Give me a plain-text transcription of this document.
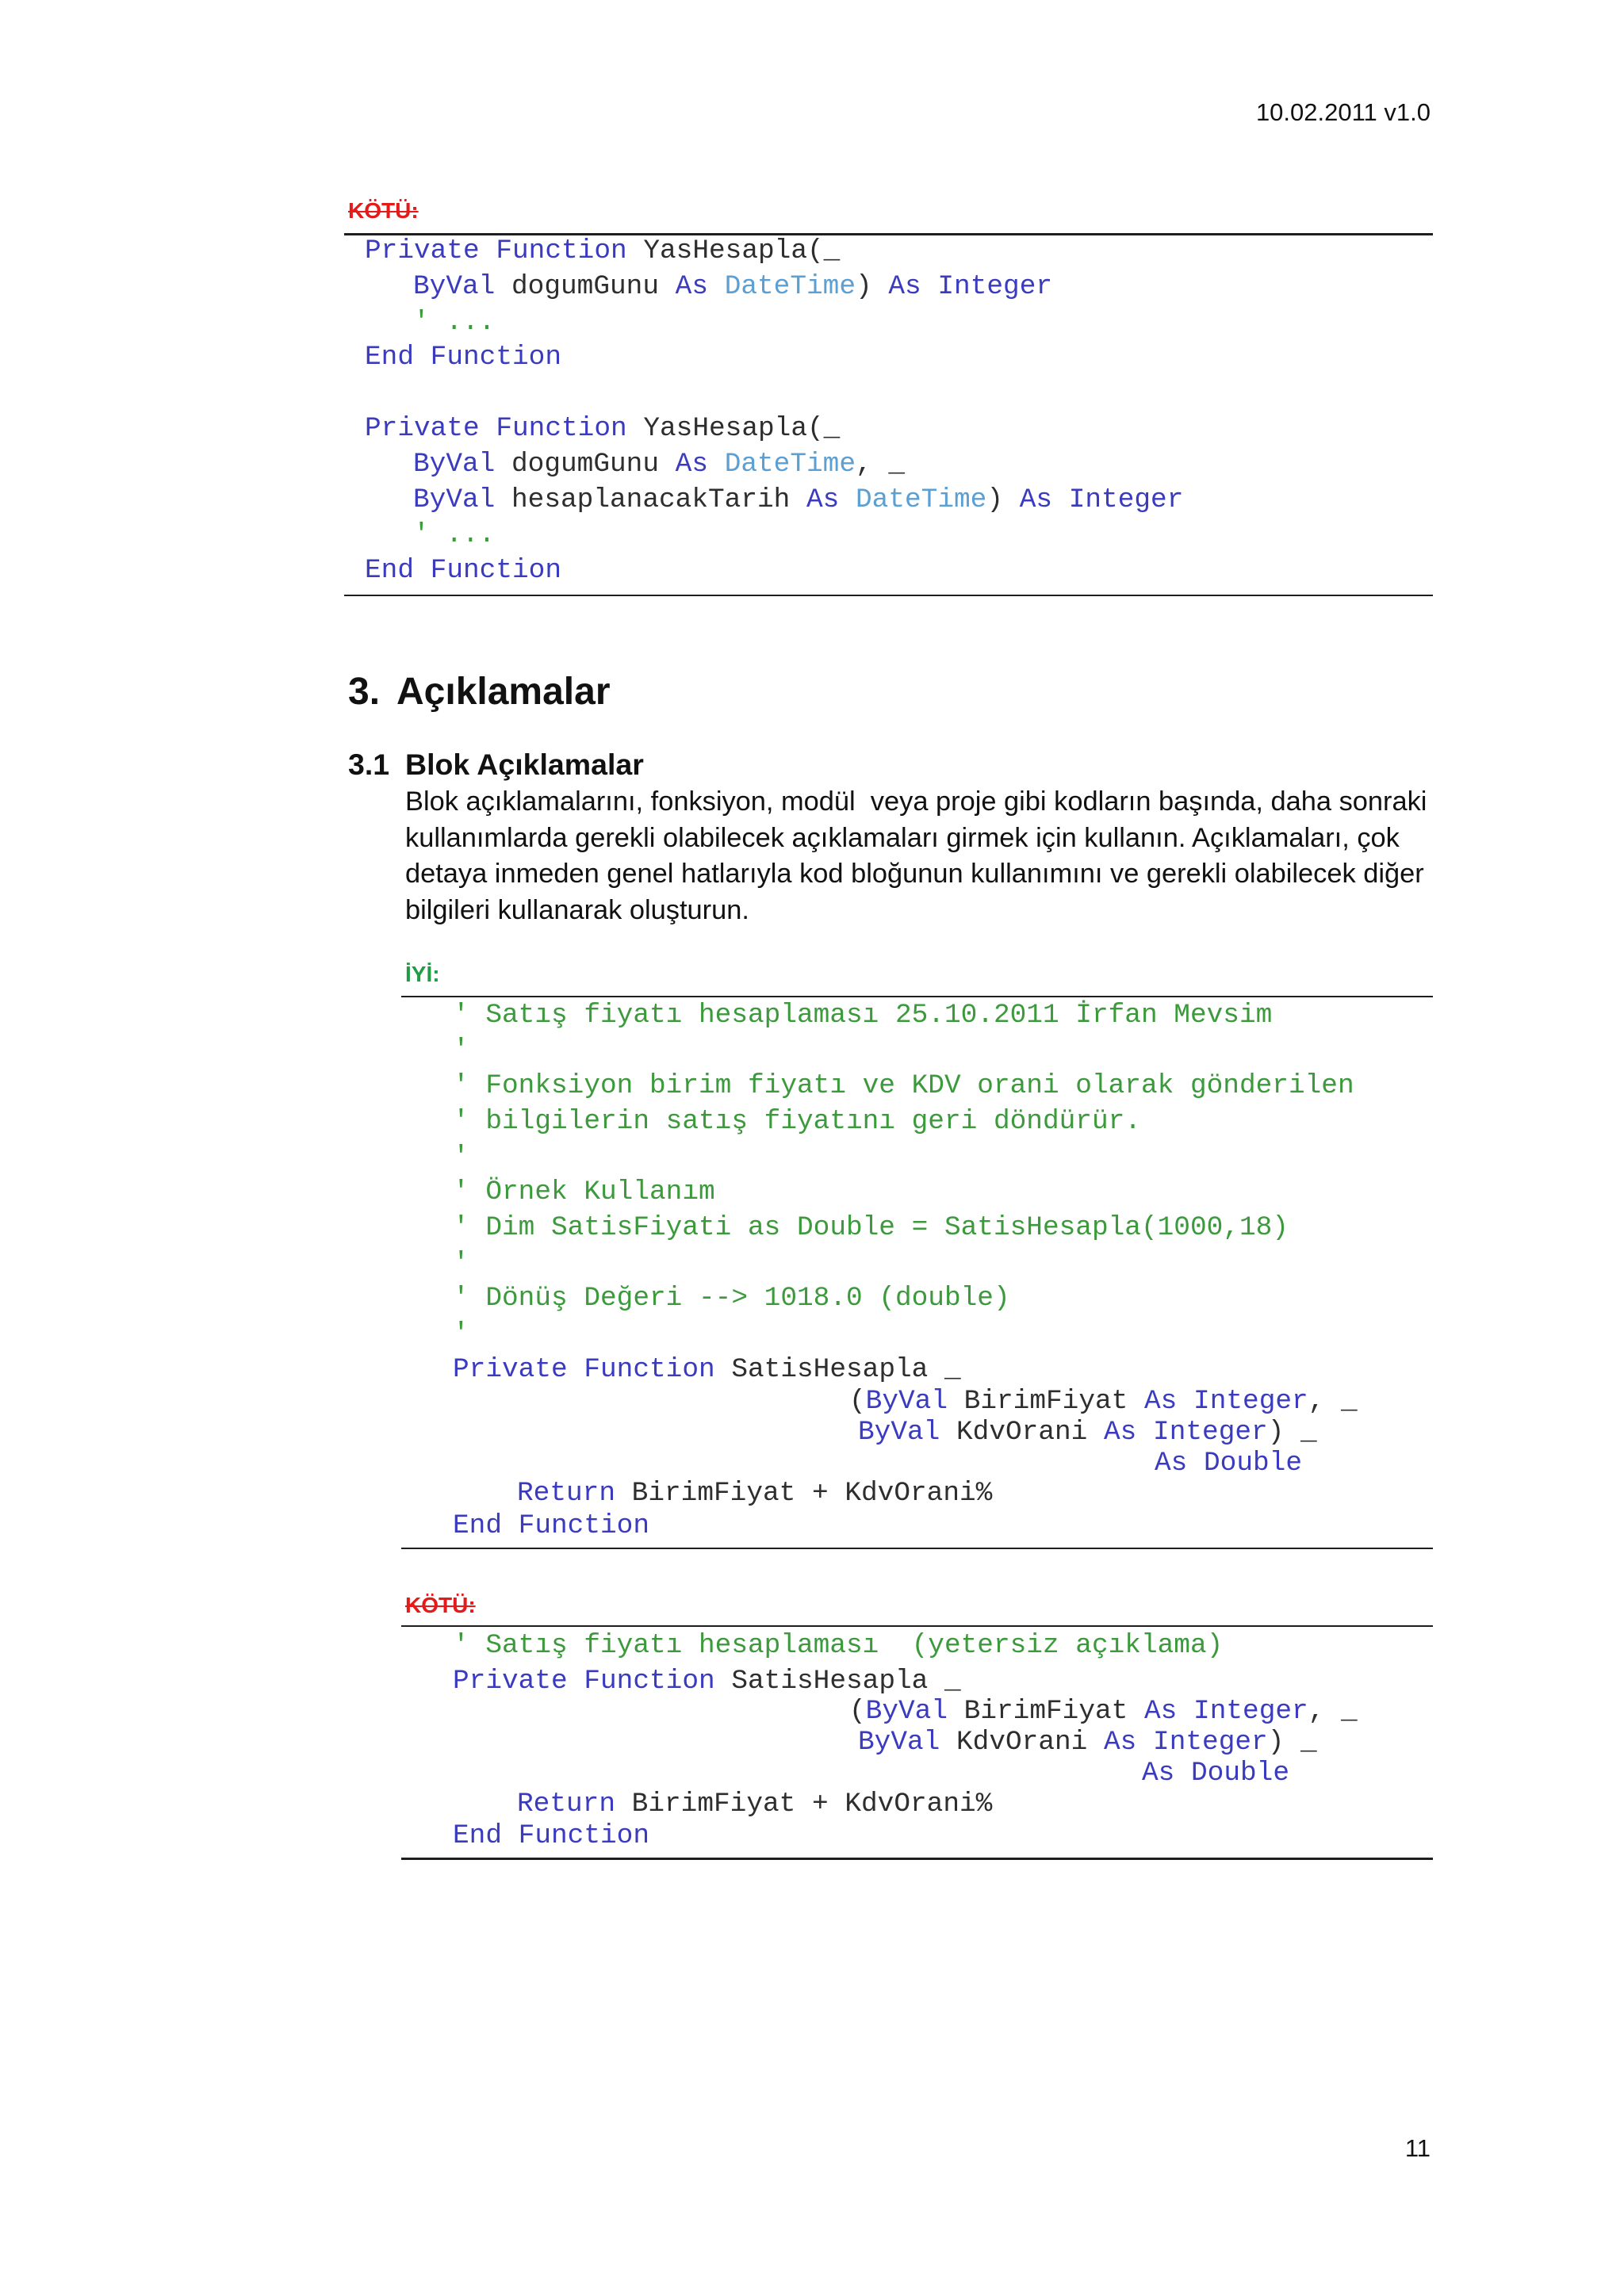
10.02.2011 v1.0
KÖTÜ:
Private Function YasHesapla(_
ByVal dogumGunu As DateTime) As Integer
' ...
End Function
Private Function YasHesapla(_
ByVal dogumGunu As DateTime, _
ByVal hesaplanacakTarih As DateTime) As Integer
' ...
End Function
3. Açıklamalar
3.1 Blok Açıklamalar
Blok açıklamalarını, fonksiyon, modül  veya proje gibi kodların başında, daha sonraki
kullanımlarda gerekli olabilecek açıklamaları girmek için kullanın. Açıklamaları, çok
detaya inmeden genel hatlarıyla kod bloğunun kullanımını ve gerekli olabilecek diğer
bilgileri kullanarak oluşturun.
İYİ:
' Satış fiyatı hesaplaması 25.10.2011 İrfan Mevsim
'
' Fonksiyon birim fiyatı ve KDV orani olarak gönderilen
' bilgilerin satış fiyatını geri döndürür.
'
' Örnek Kullanım
' Dim SatisFiyati as Double = SatisHesapla(1000,18)
'
' Dönüş Değeri --> 1018.0 (double)
'
Private Function SatisHesapla _
(ByVal BirimFiyat As Integer, _
ByVal KdvOrani As Integer) _
As Double
Return BirimFiyat + KdvOrani%
End Function
KÖTÜ:
' Satış fiyatı hesaplaması  (yetersiz açıklama)
Private Function SatisHesapla _
(ByVal BirimFiyat As Integer, _
ByVal KdvOrani As Integer) _
As Double
Return BirimFiyat + KdvOrani%
End Function
11
